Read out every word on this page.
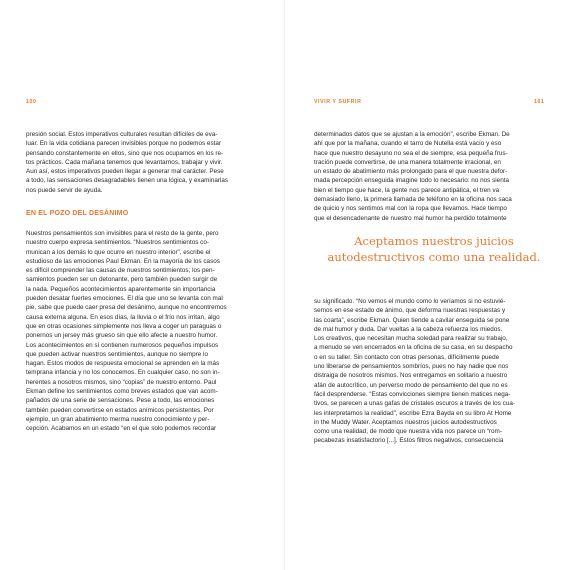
100	VIVIR Y SUFRIR	101
presión social. Estos imperativos culturales resultan difíciles de eva-
luar. En la vida cotidiana parecen invisibles porque no podemos estar
pensando constantemente en ellos, sino que nos ocupamos en los re-
tos prácticos. Cada mañana tenemos que levantarnos, trabajar y vivir.
Aun así, estos imperativos pueden llegar a generar mal carácter. Pese
a todo, las sensaciones desagradables tienen una lógica, y examinarlas
nos puede servir de ayuda.
EN EL POZO DEL DESÁNIMO
Nuestros pensamientos son invisibles para el resto de la gente, pero
nuestro cuerpo expresa sentimientos. “Nuestros sentimientos co-
munican a los demás lo que ocurre en nuestro interior”, escribe el
estudioso de las emociones Paul Ekman. En la mayoría de los casos
es difícil comprender las causas de nuestros sentimientos; los pen-
samientos pueden ser un detonante, pero también pueden surgir de
la nada. Pequeños acontecimientos aparentemente sin importancia
pueden desatar fuertes emociones. El día que uno se levanta con mal
pie, sabe que puede caer presa del desánimo, aunque no encontremos
causa externa alguna. En esos días, la lluvia o el frío nos irritan, algo
que en otras ocasiones simplemente nos lleva a coger un paraguas o
ponernos un jersey más grueso sin que ello afecte a nuestro humor.
Los acontecimientos en sí contienen numerosos pequeños impulsos
que pueden activar nuestros sentimientos, aunque no siempre lo
hagan. Estos modos de respuesta emocional se aprenden en la más
temprana infancia y no los conocemos. En cualquier caso, no son in-
herentes a nosotros mismos, sino “copias” de nuestro entorno. Paul
Ekman define los sentimientos como breves estados que van acom-
pañados de una serie de sensaciones. Pese a todo, las emociones
también pueden convertirse en estados anímicos persistentes. Por
ejemplo, un gran abatimiento merma nuestro conocimiento y per-
cepción. Acabamos en un estado “en el que solo podemos recordar
determinados datos que se ajustan a la emoción”, escribe Ekman. De
ahí que por la mañana, cuando el tarro de Nutella está vacío y eso
hace que nuestro desayuno no sea el de siempre, esa pequeña frus-
tración puede convertirse, de una manera totalmente irracional, en
un estado de abatimiento más prolongado para el que nuestra defor-
mada percepción enseguida imagine todo lo necesario: no nos sienta
bien el tiempo que hace, la gente nos parece antipática, el tren va
demasiado lleno, la primera llamada de teléfono en la oficina nos saca
de quicio y nos sentimos mal con la ropa que llevamos. Hace tiempo
que el desencadenante de nuestro mal humor ha perdido totalmente
Aceptamos nuestros juicios
autodestructivos como una realidad.
su significado. “No vemos el mundo como lo veríamos si no estuvié-
semos en ese estado de ánimo, que deforma nuestras respuestas y
las coarta”, escribe Ekman. Quien tiende a cavilar enseguida se pone
de mal humor y duda. Dar vueltas a la cabeza refuerza los miedos.
Los creativos, que necesitan mucha soledad para realizar su trabajo,
a menudo se ven encerrados en la oficina de su casa, en su despacho
o en su taller. Sin contacto con otras personas, difícilmente puede
uno liberarse de pensamientos sombríos, pues no hay nadie que nos
distraiga de nosotros mismos. Nos entregamos en solitario a nuestro
afán de autocrítico, un perverso modo de pensamiento del que no es
fácil desprenderse. “Estas convicciones siempre tienen matices nega-
tivos, se parecen a unas gafas de cristales oscuros a través de los cua-
les interpretamos la realidad”, escribe Ezra Bayda en su libro At Home
in the Muddy Water. Aceptamos nuestros juicios autodestructivos
como una realidad, de modo que nuestra vida nos parece un “rom-
pecabezas insatisfactorio [...]. Estos filtros negativos, consecuencia
